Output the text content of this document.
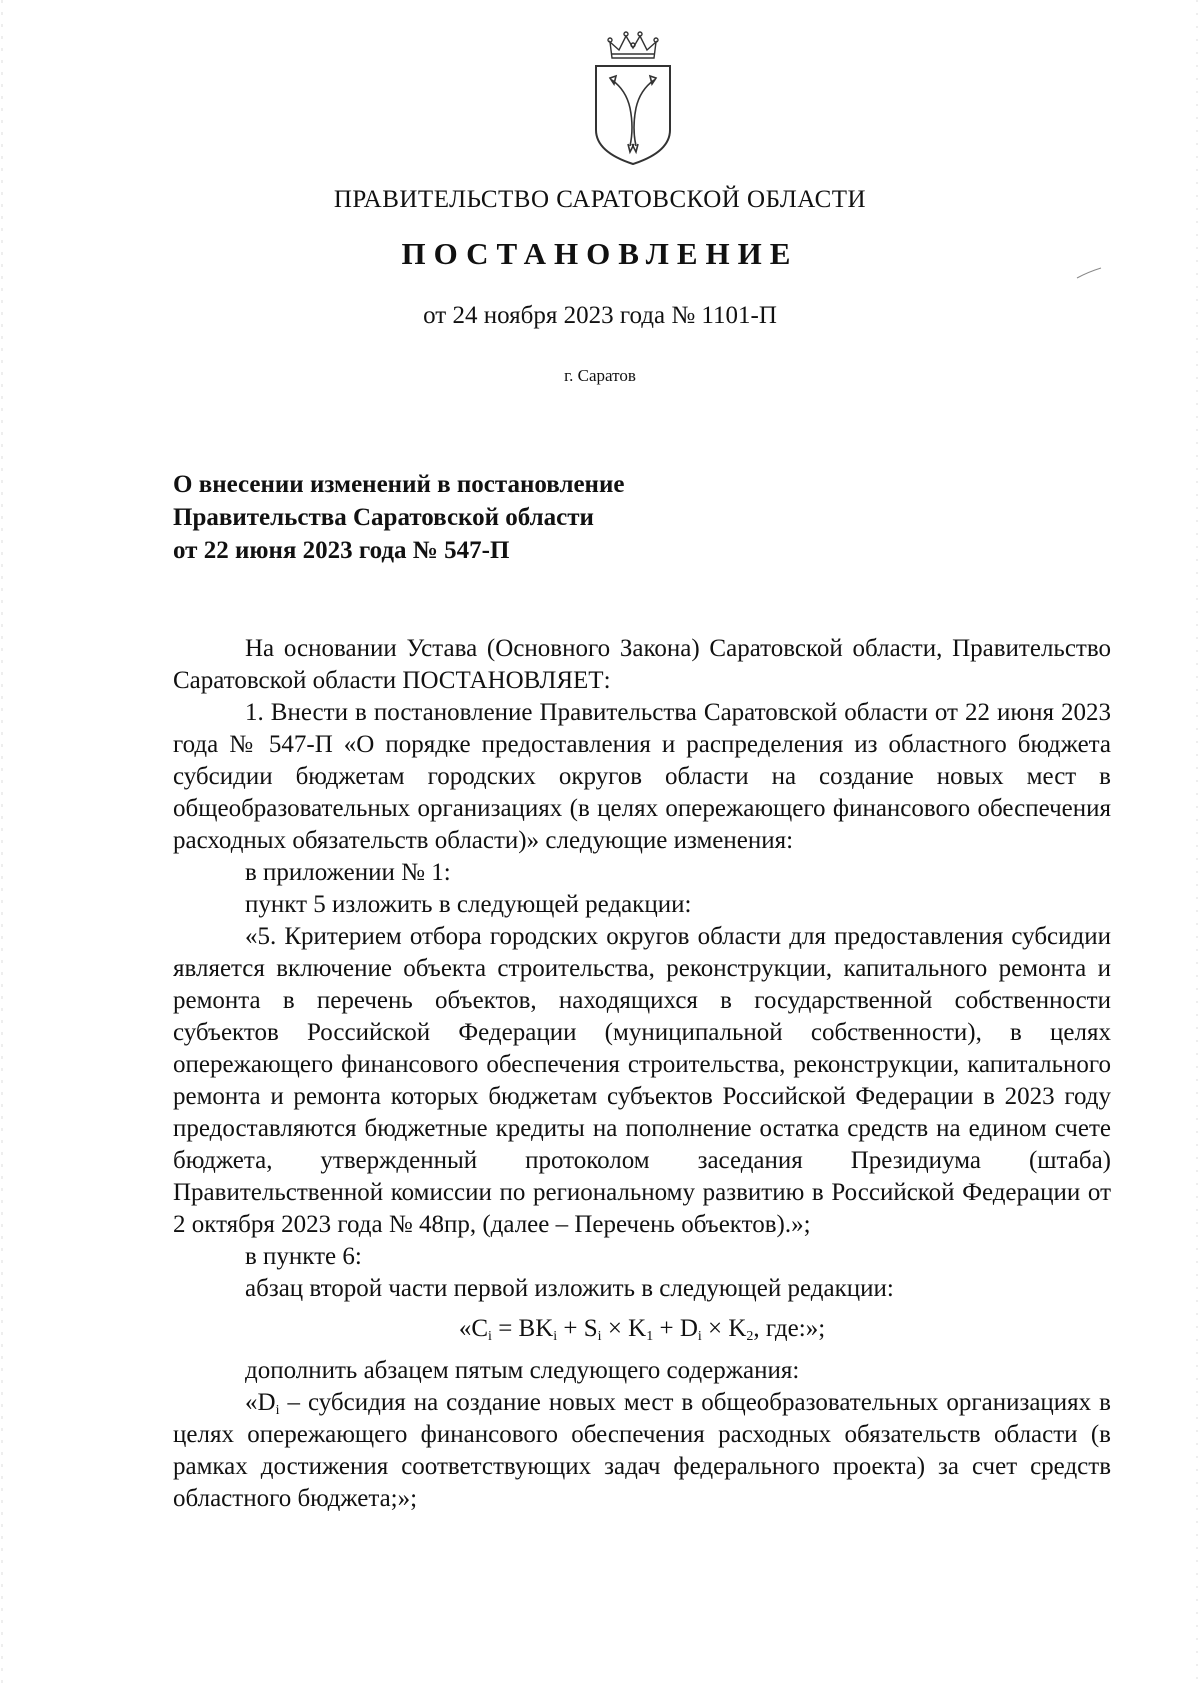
ПРАВИТЕЛЬСТВО САРАТОВСКОЙ ОБЛАСТИ
ПОСТАНОВЛЕНИЕ
от 24 ноября 2023 года № 1101-П
г. Саратов
О внесении изменений в постановление
Правительства Саратовской области
от 22 июня 2023 года № 547-П

На основании Устава (Основного Закона) Саратовской области, Правительство Саратовской области ПОСТАНОВЛЯЕТ:

1. Внести в постановление Правительства Саратовской области от 22 июня 2023 года № 547-П «О порядке предоставления и распределения из областного бюджета субсидии бюджетам городских округов области на создание новых мест в общеобразовательных организациях (в целях опережающего финансового обеспечения расходных обязательств области)» следующие изменения:

в приложении № 1:

пункт 5 изложить в следующей редакции:

«5. Критерием отбора городских округов области для предоставления субсидии является включение объекта строительства, реконструкции, капитального ремонта и ремонта в перечень объектов, находящихся в государственной собственности субъектов Российской Федерации (муниципальной собственности), в целях опережающего финансового обеспечения строительства, реконструкции, капитального ремонта и ремонта которых бюджетам субъектов Российской Федерации в 2023 году предоставляются бюджетные кредиты на пополнение остатка средств на едином счете бюджета, утвержденный протоколом заседания Президиума (штаба) Правительственной комиссии по региональному развитию в Российской Федерации от 2 октября 2023 года № 48пр, (далее – Перечень объектов).»;

в пункте 6:

абзац второй части первой изложить в следующей редакции:

«$C_i = BK_i + S_i \times K_1 + D_i \times K_2$, где:»;

дополнить абзацем пятым следующего содержания:

«$D_i$ – субсидия на создание новых мест в общеобразовательных организациях в целях опережающего финансового обеспечения расходных обязательств области (в рамках достижения соответствующих задач федерального проекта) за счет средств областного бюджета;»;
